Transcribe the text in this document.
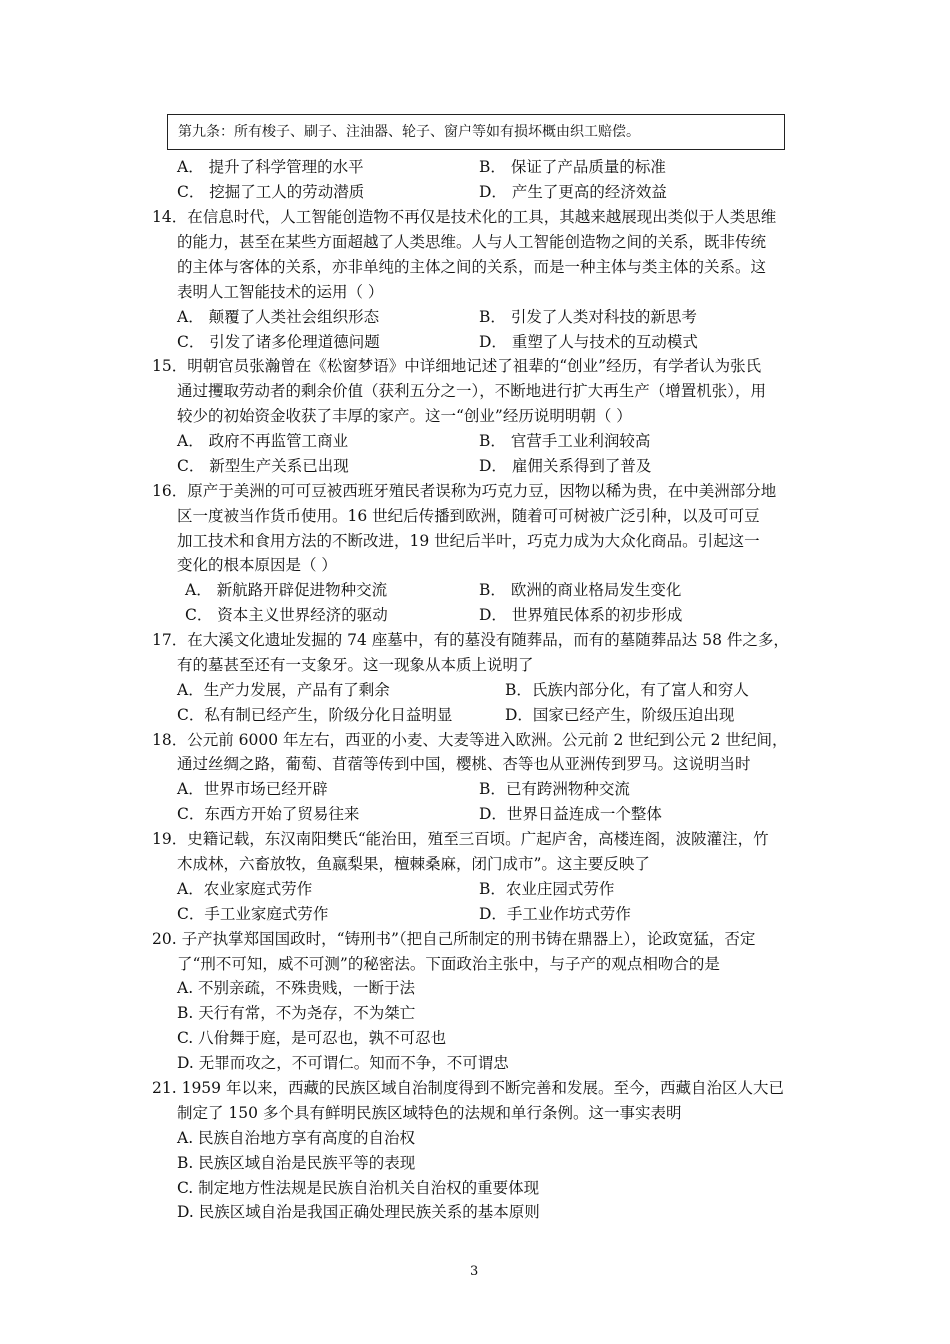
第九条：所有梭子、刷子、注油器、轮子、窗户等如有损坏概由织工赔偿。
A． 提升了科学管理的水平	B． 保证了产品质量的标准
C． 挖掘了工人的劳动潜质	D． 产生了更高的经济效益
14．在信息时代，人工智能创造物不再仅是技术化的工具，其越来越展现出类似于人类思维
的能力，甚至在某些方面超越了人类思维。人与人工智能创造物之间的关系，既非传统
的主体与客体的关系，亦非单纯的主体之间的关系，而是一种主体与类主体的关系。这
表明人工智能技术的运用（ ）
A． 颠覆了人类社会组织形态	B． 引发了人类对科技的新思考
C． 引发了诸多伦理道德问题	D． 重塑了人与技术的互动模式
15．明朝官员张瀚曾在《松窗梦语》中详细地记述了祖辈的“创业”经历，有学者认为张氏
通过攫取劳动者的剩余价值（获利五分之一），不断地进行扩大再生产（增置机张），用
较少的初始资金收获了丰厚的家产。这一“创业”经历说明明朝（ ）
A． 政府不再监管工商业	B． 官营手工业利润较高
C． 新型生产关系已出现	D． 雇佣关系得到了普及
16．原产于美洲的可可豆被西班牙殖民者误称为巧克力豆，因物以稀为贵，在中美洲部分地
区一度被当作货币使用。16 世纪后传播到欧洲，随着可可树被广泛引种，以及可可豆
加工技术和食用方法的不断改进，19 世纪后半叶，巧克力成为大众化商品。引起这一
变化的根本原因是（ ）
A． 新航路开辟促进物种交流	B． 欧洲的商业格局发生变化
C． 资本主义世界经济的驱动	D． 世界殖民体系的初步形成
17．在大溪文化遗址发掘的 74 座墓中，有的墓没有随葬品，而有的墓随葬品达 58 件之多，
有的墓甚至还有一支象牙。这一现象从本质上说明了
A．生产力发展，产品有了剩余	B．氏族内部分化，有了富人和穷人
C．私有制已经产生，阶级分化日益明显	D．国家已经产生，阶级压迫出现
18．公元前 6000 年左右，西亚的小麦、大麦等进入欧洲。公元前 2 世纪到公元 2 世纪间，
通过丝绸之路，葡萄、苜蓿等传到中国，樱桃、杏等也从亚洲传到罗马。这说明当时
A．世界市场已经开辟	B．已有跨洲物种交流
C．东西方开始了贸易往来	D．世界日益连成一个整体
19．史籍记载，东汉南阳樊氏“能治田，殖至三百顷。广起庐舍，高楼连阁，波陂灌注，竹
木成林，六畜放牧，鱼嬴梨果，檀棘桑麻，闭门成市”。这主要反映了
A．农业家庭式劳作	B．农业庄园式劳作
C．手工业家庭式劳作	D．手工业作坊式劳作
20. 子产执掌郑国国政时，“铸刑书”（把自己所制定的刑书铸在鼎器上），论政宽猛，否定
了“刑不可知，威不可测”的秘密法。下面政治主张中，与子产的观点相吻合的是
A. 不别亲疏，不殊贵贱，一断于法
B. 天行有常，不为尧存，不为桀亡
C. 八佾舞于庭，是可忍也，孰不可忍也
D. 无罪而攻之，不可谓仁。知而不争，不可谓忠
21. 1959 年以来，西藏的民族区域自治制度得到不断完善和发展。至今，西藏自治区人大已
制定了 150 多个具有鲜明民族区域特色的法规和单行条例。这一事实表明
A. 民族自治地方享有高度的自治权
B. 民族区域自治是民族平等的表现
C. 制定地方性法规是民族自治机关自治权的重要体现
D. 民族区域自治是我国正确处理民族关系的基本原则
3
